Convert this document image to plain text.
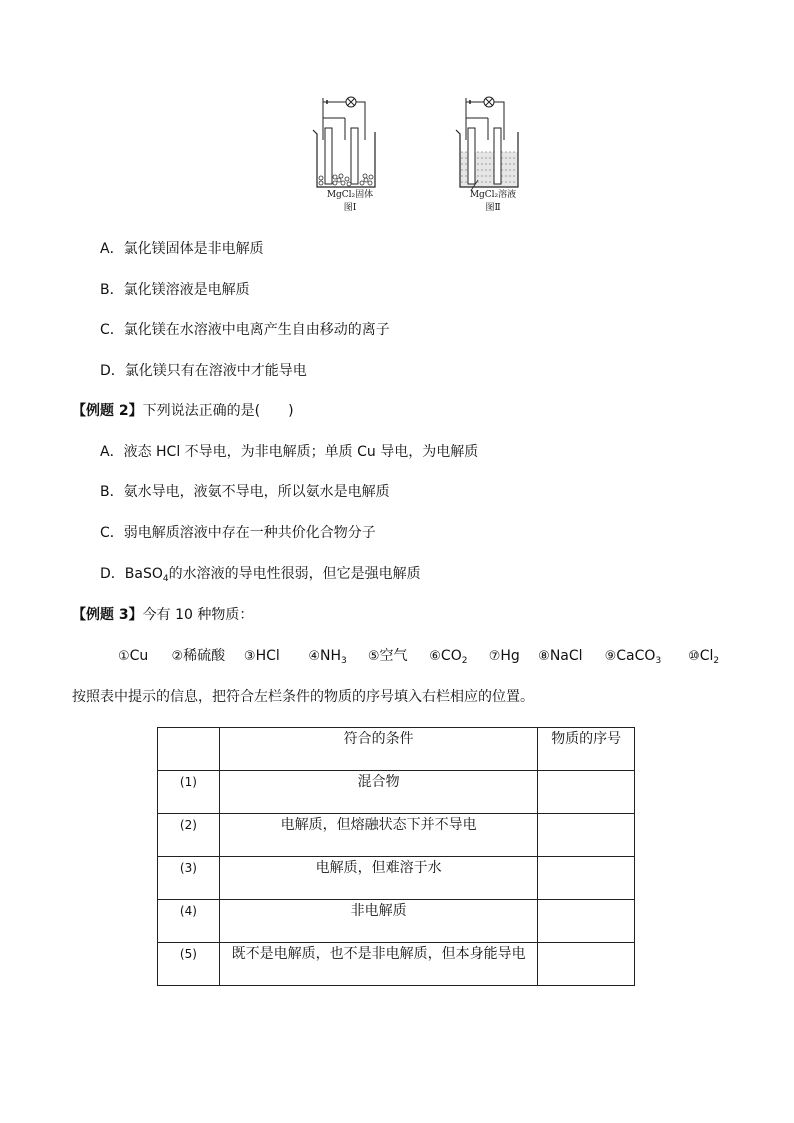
MgCl₂固体
图Ⅰ
MgCl₂溶液
图Ⅱ
A．氯化镁固体是非电解质
B．氯化镁溶液是电解质
C．氯化镁在水溶液中电离产生自由移动的离子
D．氯化镁只有在溶液中才能导电
【例题 2】下列说法正确的是(　　)
A．液态 HCl 不导电，为非电解质；单质 Cu 导电，为电解质
B．氨水导电，液氨不导电，所以氨水是电解质
C．弱电解质溶液中存在一种共价化合物分子
D．BaSO$_4$的水溶液的导电性很弱，但它是强电解质
【例题 3】今有 10 种物质：
①Cu ②稀硫酸 ③HCl $④NH_3$ ⑤空气 $⑥CO_2$ ⑦Hg ⑧NaCl ⑨CaCO$_3$ $⑩Cl_2$
按照表中提示的信息，把符合左栏条件的物质的序号填入右栏相应的位置。
	符合的条件	物质的序号
(1)	混合物	
(2)	电解质，但熔融状态下并不导电	
(3)	电解质，但难溶于水	
(4)	非电解质	
(5)	既不是电解质，也不是非电解质，但本身能导电	
